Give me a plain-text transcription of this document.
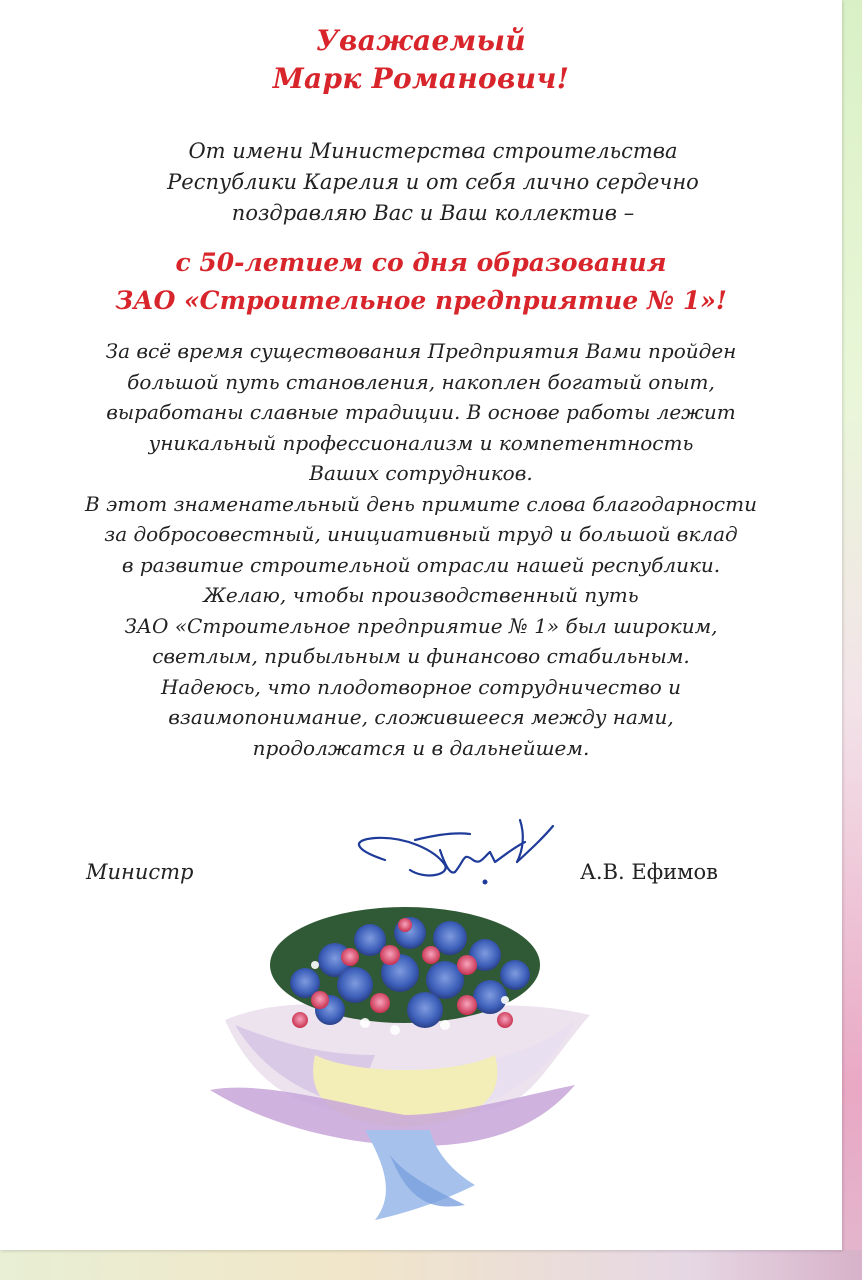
Уважаемый
Марк Романович!
От имени Министерства строительства
Республики Карелия и от себя лично сердечно
поздравляю Вас и Ваш коллектив –
с 50-летием со дня образования
ЗАО «Строительное предприятие № 1»!
За всё время существования Предприятия Вами пройден
большой путь становления, накоплен богатый опыт,
выработаны славные традиции. В основе работы лежит
уникальный профессионализм и компетентность
Ваших сотрудников.
В этот знаменательный день примите слова благодарности
за добросовестный, инициативный труд и большой вклад
в развитие строительной отрасли нашей республики.
Желаю, чтобы производственный путь
ЗАО «Строительное предприятие № 1» был широким,
светлым, прибыльным и финансово стабильным.
Надеюсь, что плодотворное сотрудничество и
взаимопонимание, сложившееся между нами,
продолжатся и в дальнейшем.
Министр	А.В. Ефимов
